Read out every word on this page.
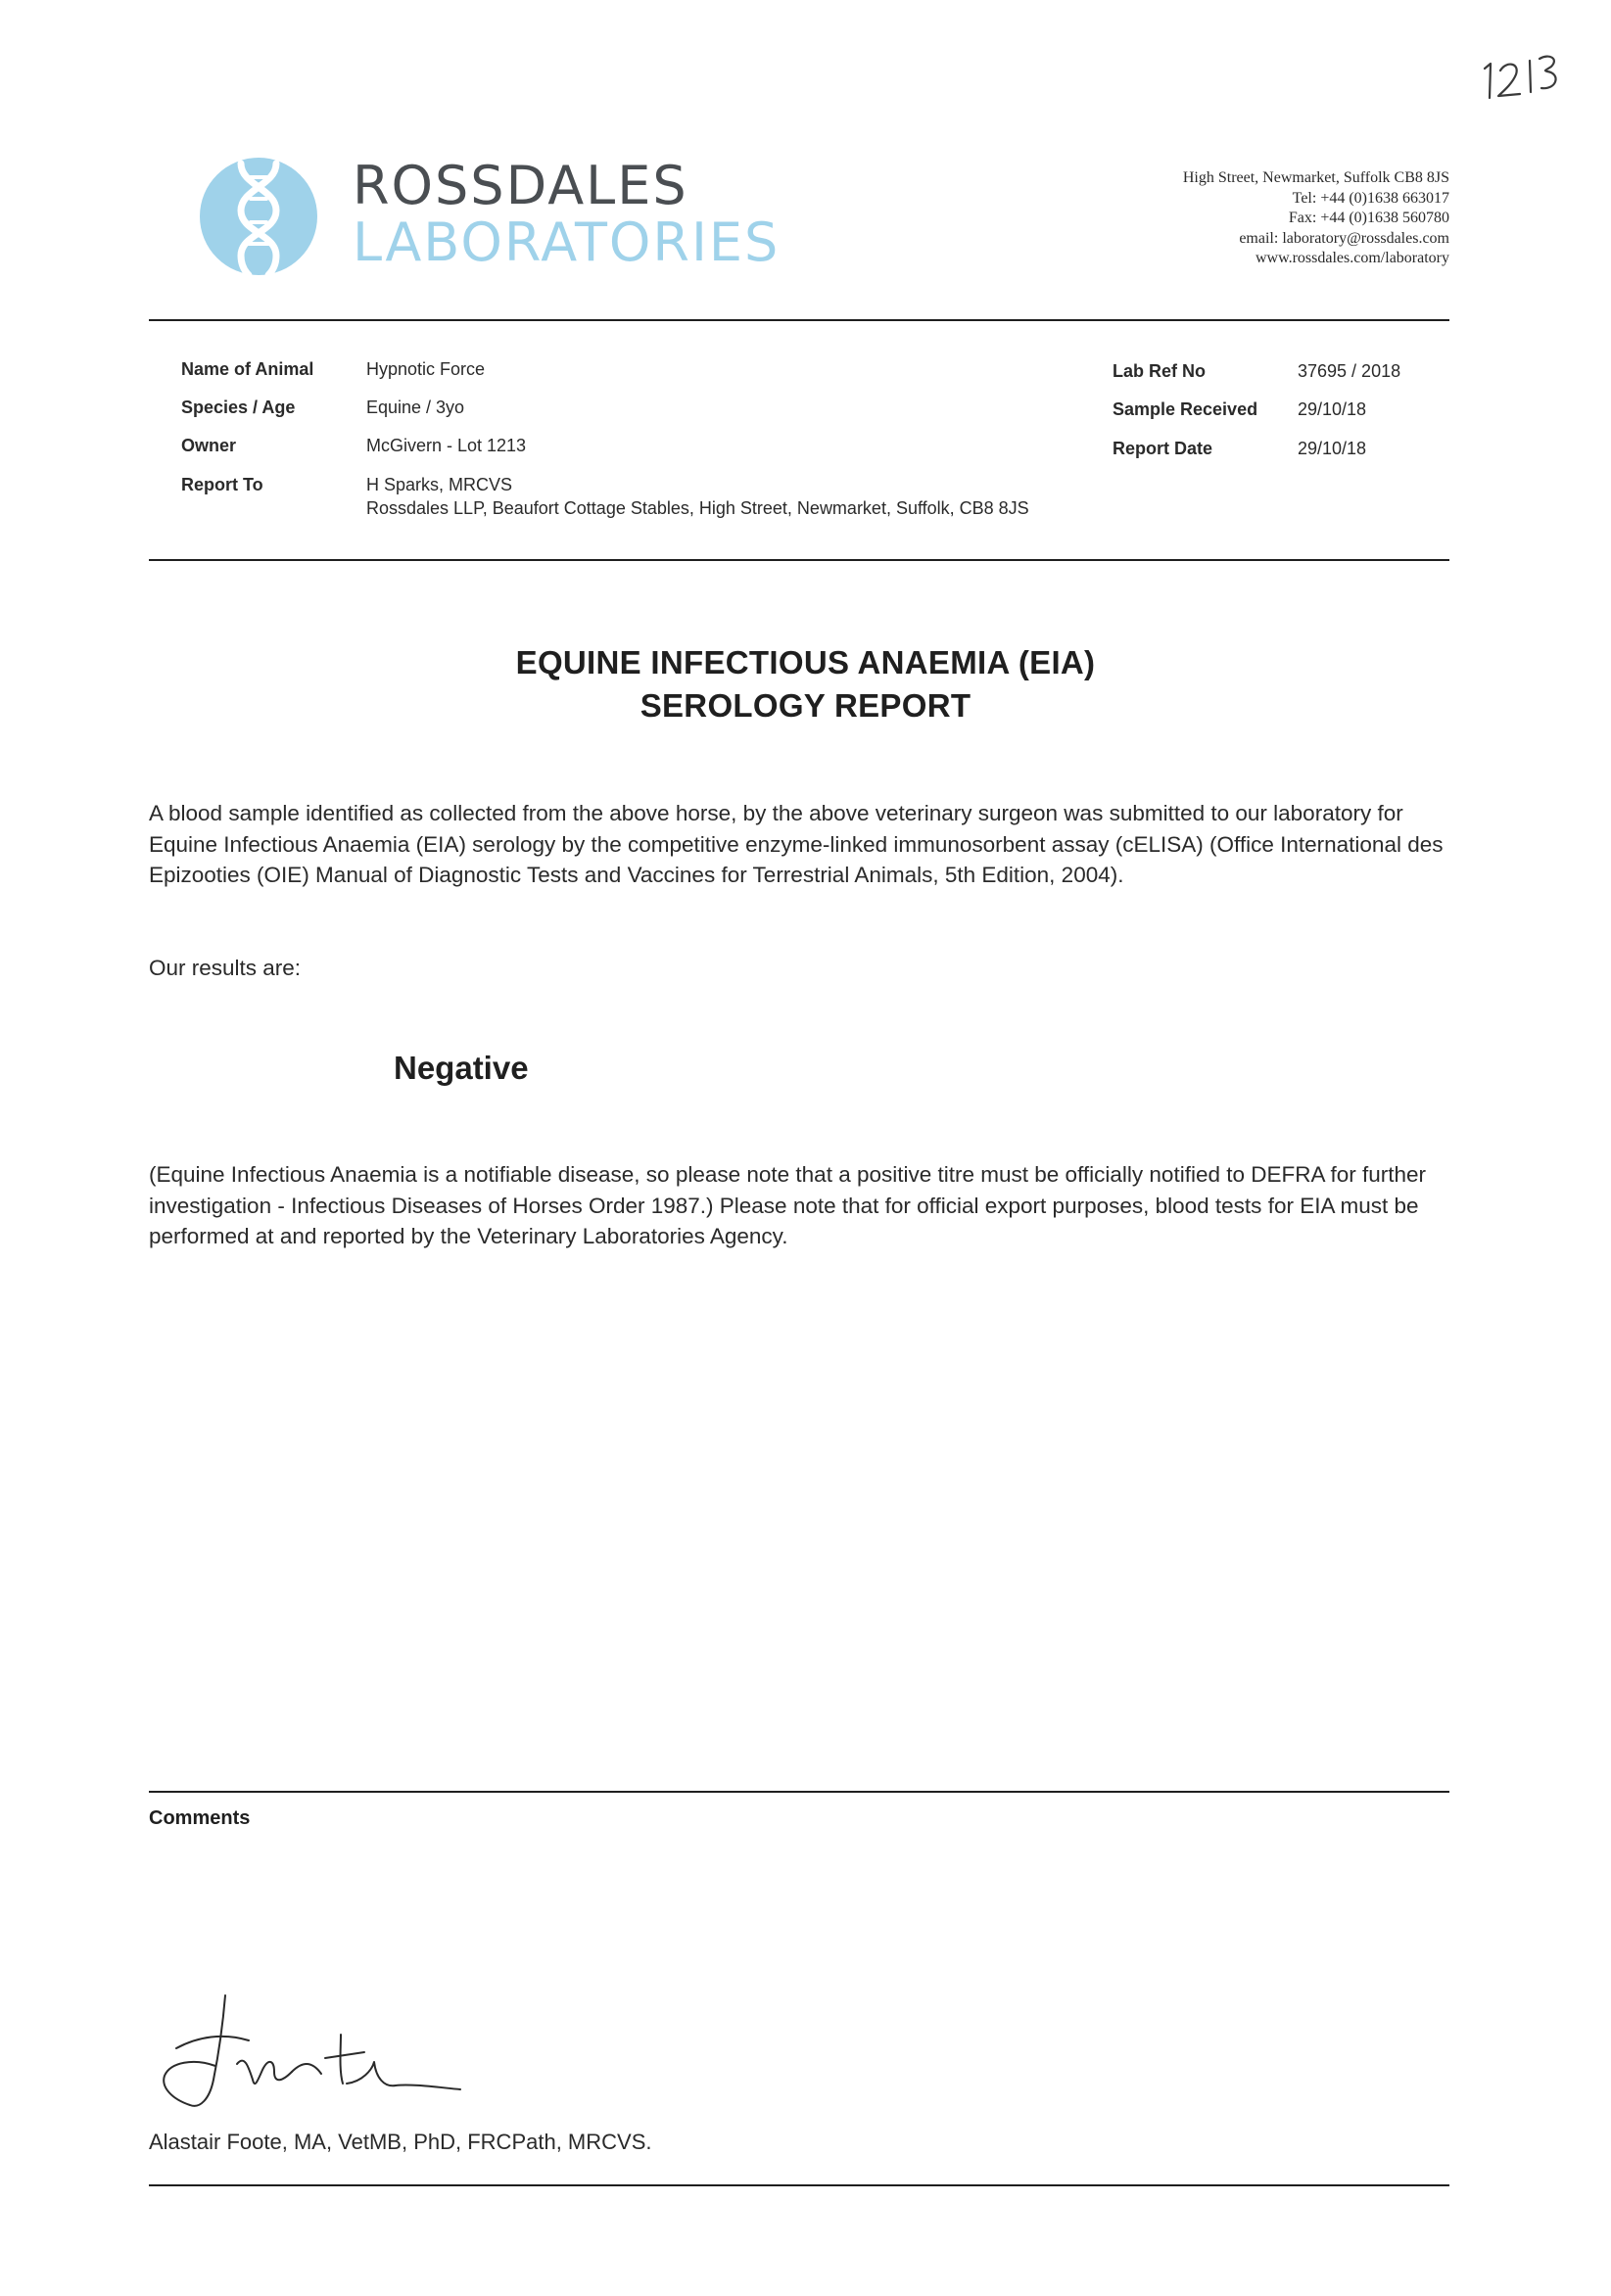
ROSSDALES
LABORATORIES
High Street, Newmarket, Suffolk CB8 8JS
Tel: +44 (0)1638 663017
Fax: +44 (0)1638 560780
email: laboratory@rossdales.com
www.rossdales.com/laboratory
Name of Animal	Hypnotic Force
Species / Age	Equine / 3yo
Owner	McGivern - Lot 1213
Report To	H Sparks, MRCVS
Rossdales LLP, Beaufort Cottage Stables, High Street, Newmarket, Suffolk, CB8 8JS
Lab Ref No	37695 / 2018
Sample Received 29/10/18
Report Date	29/10/18
EQUINE INFECTIOUS ANAEMIA (EIA)
SEROLOGY REPORT
A blood sample identified as collected from the above horse, by the above veterinary surgeon was submitted to our laboratory for Equine Infectious Anaemia (EIA) serology by the competitive enzyme-linked immunosorbent assay (cELISA) (Office International des Epizooties (OIE) Manual of Diagnostic Tests and Vaccines for Terrestrial Animals, 5th Edition, 2004).
Our results are:
Negative
(Equine Infectious Anaemia is a notifiable disease, so please note that a positive titre must be officially notified to DEFRA for further investigation - Infectious Diseases of Horses Order 1987.) Please note that for official export purposes, blood tests for EIA must be performed at and reported by the Veterinary Laboratories Agency.
Comments
Alastair Foote, MA, VetMB, PhD, FRCPath, MRCVS.
